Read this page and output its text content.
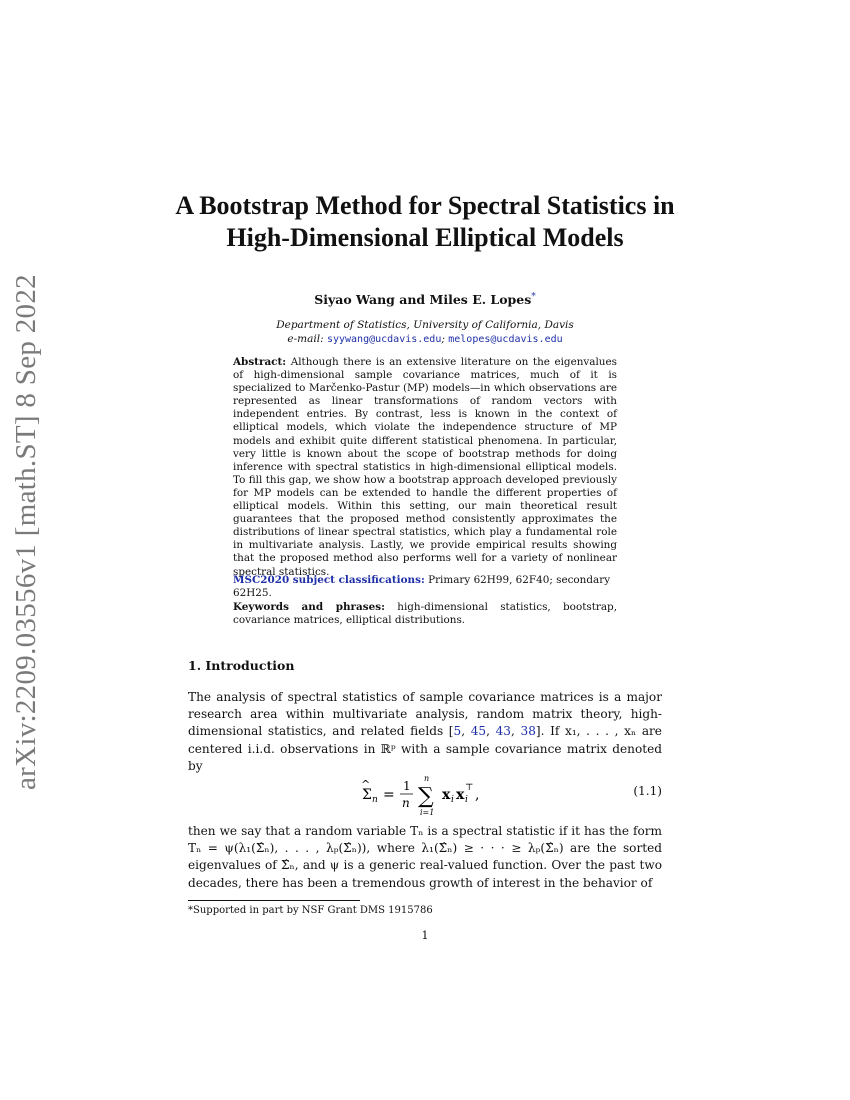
arXiv:2209.03556v1 [math.ST] 8 Sep 2022
A Bootstrap Method for Spectral Statistics in High-Dimensional Elliptical Models
Siyao Wang and Miles E. Lopes*
Department of Statistics, University of California, Davis
e-mail: syywang@ucdavis.edu; melopes@ucdavis.edu
Abstract: Although there is an extensive literature on the eigenvalues of high-dimensional sample covariance matrices, much of it is specialized to Marčenko-Pastur (MP) models—in which observations are represented as linear transformations of random vectors with independent entries. By contrast, less is known in the context of elliptical models, which violate the independence structure of MP models and exhibit quite different statistical phenomena. In particular, very little is known about the scope of bootstrap methods for doing inference with spectral statistics in high-dimensional elliptical models. To fill this gap, we show how a bootstrap approach developed previously for MP models can be extended to handle the different properties of elliptical models. Within this setting, our main theoretical result guarantees that the proposed method consistently approximates the distributions of linear spectral statistics, which play a fundamental role in multivariate analysis. Lastly, we provide empirical results showing that the proposed method also performs well for a variety of nonlinear spectral statistics.
MSC2020 subject classifications: Primary 62H99, 62F40; secondary 62H25.
Keywords and phrases: high-dimensional statistics, bootstrap, covariance matrices, elliptical distributions.
1. Introduction
The analysis of spectral statistics of sample covariance matrices is a major research area within multivariate analysis, random matrix theory, high-dimensional statistics, and related fields [5, 45, 43, 38]. If x₁, . . . , xₙ are centered i.i.d. observations in ℝᵖ with a sample covariance matrix denoted by
Σ
^
n =
1
n ∑
n
i=1
x i x i
⊤ ,	(1.1)
then we say that a random variable Tₙ is a spectral statistic if it has the form Tₙ = ψ(λ₁(Σ̂ₙ), . . . , λₚ(Σ̂ₙ)), where λ₁(Σ̂ₙ) ≥ · · · ≥ λₚ(Σ̂ₙ) are the sorted eigenvalues of Σ̂ₙ, and ψ is a generic real-valued function. Over the past two decades, there has been a tremendous growth of interest in the behavior of
*Supported in part by NSF Grant DMS 1915786
1
